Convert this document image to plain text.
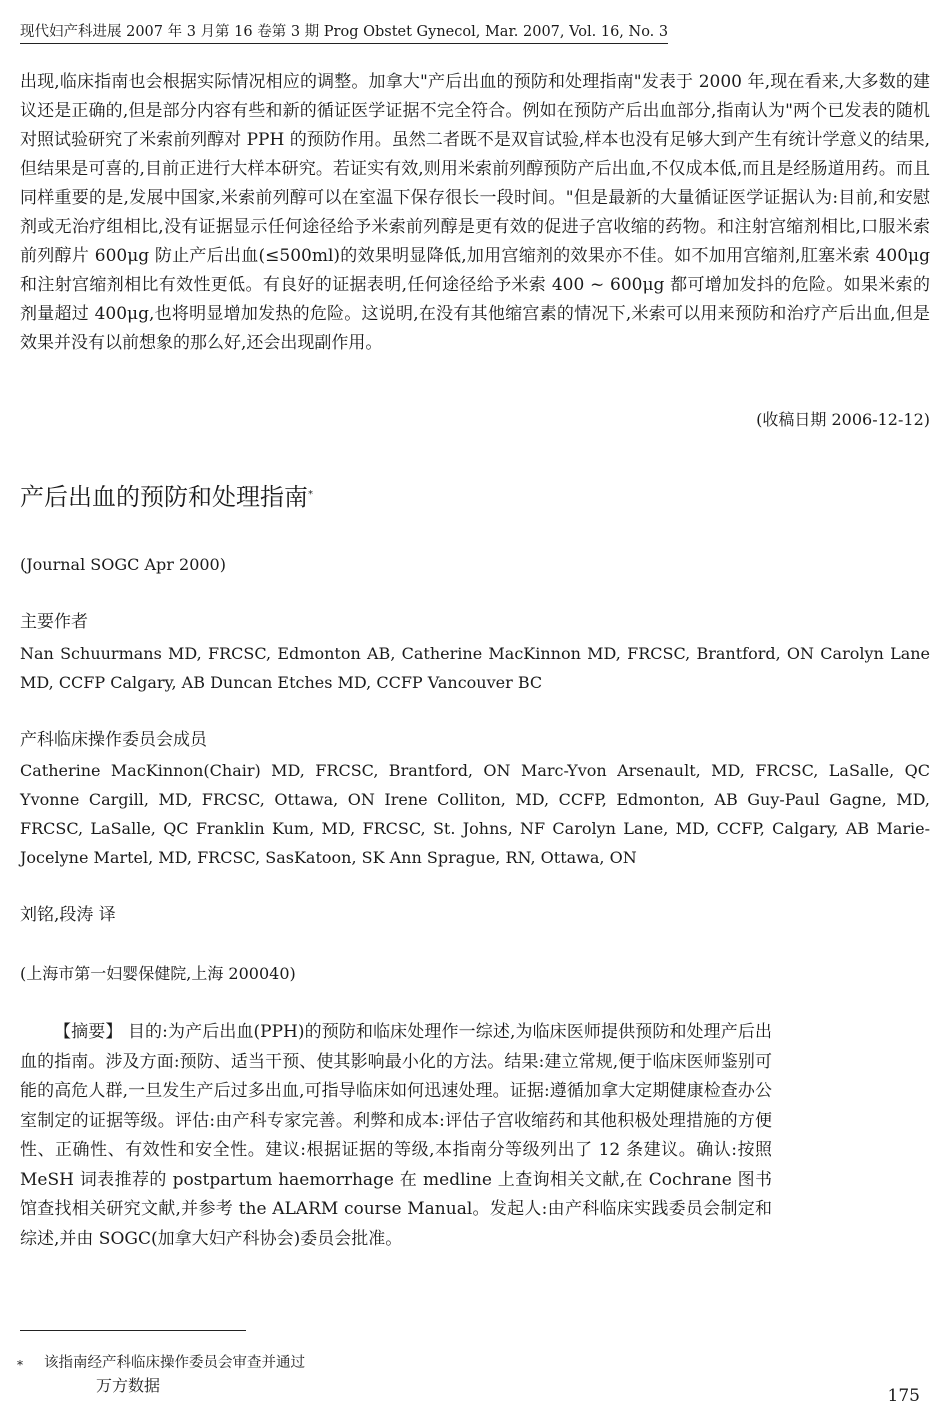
现代妇产科进展 2007 年 3 月第 16 卷第 3 期 Prog Obstet Gynecol, Mar. 2007, Vol. 16, No. 3
出现,临床指南也会根据实际情况相应的调整。加拿大"产后出血的预防和处理指南"发表于 2000 年,现在看来,大多数的建议还是正确的,但是部分内容有些和新的循证医学证据不完全符合。例如在预防产后出血部分,指南认为"两个已发表的随机对照试验研究了米索前列醇对 PPH 的预防作用。虽然二者既不是双盲试验,样本也没有足够大到产生有统计学意义的结果,但结果是可喜的,目前正进行大样本研究。若证实有效,则用米索前列醇预防产后出血,不仅成本低,而且是经肠道用药。而且同样重要的是,发展中国家,米索前列醇可以在室温下保存很长一段时间。"但是最新的大量循证医学证据认为:目前,和安慰剂或无治疗组相比,没有证据显示任何途径给予米索前列醇是更有效的促进子宫收缩的药物。和注射宫缩剂相比,口服米索前列醇片 600μg 防止产后出血(≤500ml)的效果明显降低,加用宫缩剂的效果亦不佳。如不加用宫缩剂,肛塞米索 400μg 和注射宫缩剂相比有效性更低。有良好的证据表明,任何途径给予米索 400 ~ 600μg 都可增加发抖的危险。如果米索的剂量超过 400μg,也将明显增加发热的危险。这说明,在没有其他缩宫素的情况下,米索可以用来预防和治疗产后出血,但是效果并没有以前想象的那么好,还会出现副作用。
(收稿日期 2006-12-12)
产后出血的预防和处理指南*
(Journal SOGC Apr 2000)
主要作者
Nan Schuurmans MD, FRCSC, Edmonton AB, Catherine MacKinnon MD, FRCSC, Brantford, ON Carolyn Lane MD, CCFP Calgary, AB Duncan Etches MD, CCFP Vancouver BC
产科临床操作委员会成员
Catherine MacKinnon(Chair) MD, FRCSC, Brantford, ON Marc-Yvon Arsenault, MD, FRCSC, LaSalle, QC Yvonne Cargill, MD, FRCSC, Ottawa, ON Irene Colliton, MD, CCFP, Edmonton, AB Guy-Paul Gagne, MD, FRCSC, LaSalle, QC Franklin Kum, MD, FRCSC, St. Johns, NF Carolyn Lane, MD, CCFP, Calgary, AB Marie-Jocelyne Martel, MD, FRCSC, SasKatoon, SK Ann Sprague, RN, Ottawa, ON
刘铭,段涛 译
(上海市第一妇婴保健院,上海 200040)
【摘要】 目的:为产后出血(PPH)的预防和临床处理作一综述,为临床医师提供预防和处理产后出血的指南。涉及方面:预防、适当干预、使其影响最小化的方法。结果:建立常规,便于临床医师鉴别可能的高危人群,一旦发生产后过多出血,可指导临床如何迅速处理。证据:遵循加拿大定期健康检查办公室制定的证据等级。评估:由产科专家完善。利弊和成本:评估子宫收缩药和其他积极处理措施的方便性、正确性、有效性和安全性。建议:根据证据的等级,本指南分等级列出了 12 条建议。确认:按照 MeSH 词表推荐的 postpartum haemorrhage 在 medline 上查询相关文献,在 Cochrane 图书馆查找相关研究文献,并参考 the ALARM course Manual。发起人:由产科临床实践委员会制定和综述,并由 SOGC(加拿大妇产科协会)委员会批准。
*	该指南经产科临床操作委员会审查并通过
万方数据
175
